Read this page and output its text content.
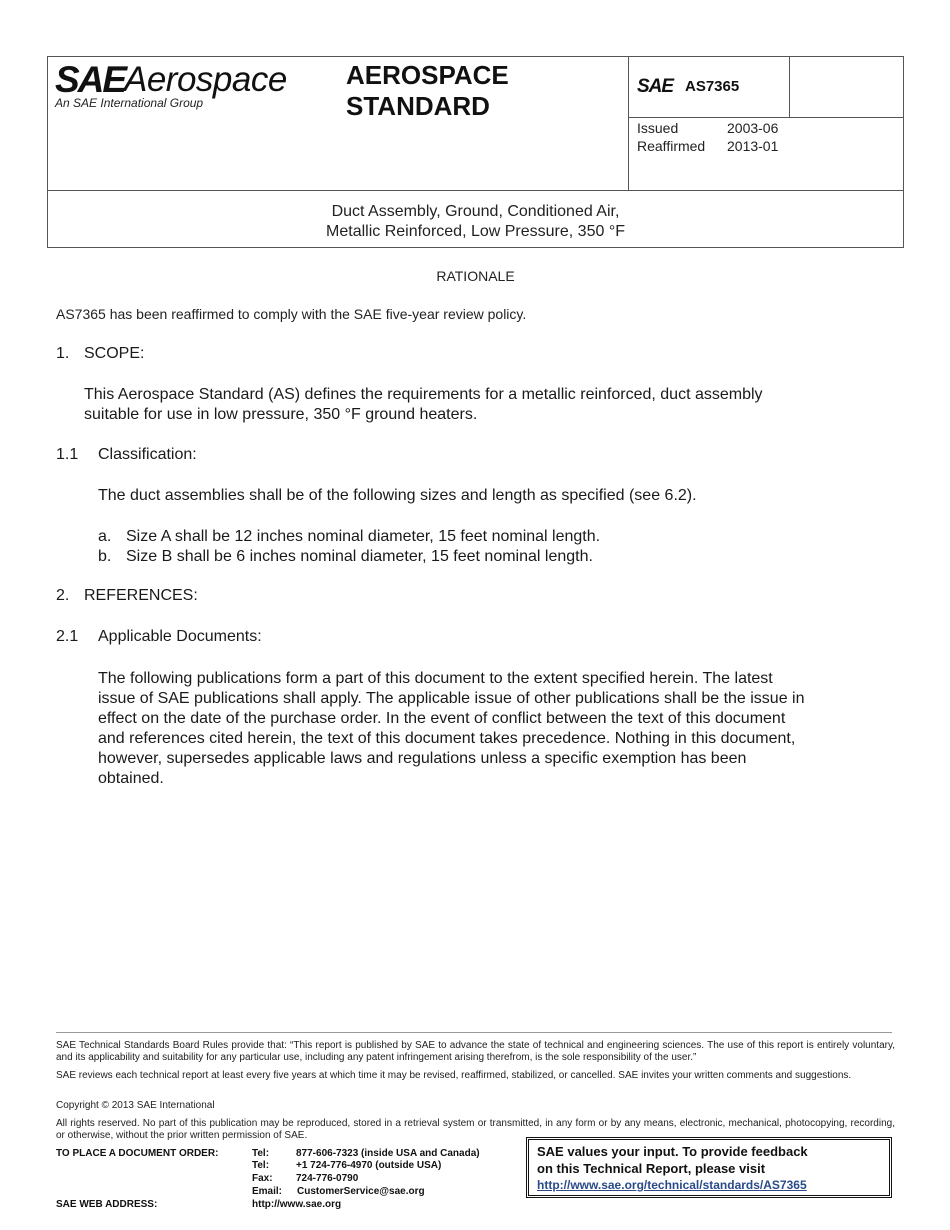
SAE
Aerospace
An SAE International Group
AEROSPACE
STANDARD
SAE AS7365
Issued	2003-06
Reaffirmed 2013-01
Duct Assembly, Ground, Conditioned Air,
Metallic Reinforced, Low Pressure, 350 °F
RATIONALE
AS7365 has been reaffirmed to comply with the SAE five-year review policy.
1. SCOPE:
This Aerospace Standard (AS) defines the requirements for a metallic reinforced, duct assembly
suitable for use in low pressure, 350 °F ground heaters.
1.1 Classification:
The duct assemblies shall be of the following sizes and length as specified (see 6.2).
a. Size A shall be 12 inches nominal diameter, 15 feet nominal length.
b. Size B shall be 6 inches nominal diameter, 15 feet nominal length.
2. REFERENCES:
2.1 Applicable Documents:
The following publications form a part of this document to the extent specified herein. The latest
issue of SAE publications shall apply. The applicable issue of other publications shall be the issue in
effect on the date of the purchase order. In the event of conflict between the text of this document
and references cited herein, the text of this document takes precedence. Nothing in this document,
however, supersedes applicable laws and regulations unless a specific exemption has been
obtained.
SAE Technical Standards Board Rules provide that: “This report is published by SAE to advance the state of technical and engineering sciences. The use of this report is entirely voluntary, and its applicability and suitability for any particular use, including any patent infringement arising therefrom, is the sole responsibility of the user.”
SAE reviews each technical report at least every five years at which time it may be revised, reaffirmed, stabilized, or cancelled. SAE invites your written comments and suggestions.
Copyright © 2013 SAE International
All rights reserved. No part of this publication may be reproduced, stored in a retrieval system or transmitted, in any form or by any means, electronic, mechanical, photocopying, recording, or otherwise, without the prior written permission of SAE.
TO PLACE A DOCUMENT ORDER:	Tel:	877-606-7323 (inside USA and Canada)
Tel:	+1 724-776-4970 (outside USA)
Fax: 724-776-0790
Email: CustomerService@sae.org
SAE WEB ADDRESS:	http://www.sae.org
SAE values your input. To provide feedback
on this Technical Report, please visit
http://www.sae.org/technical/standards/AS7365
